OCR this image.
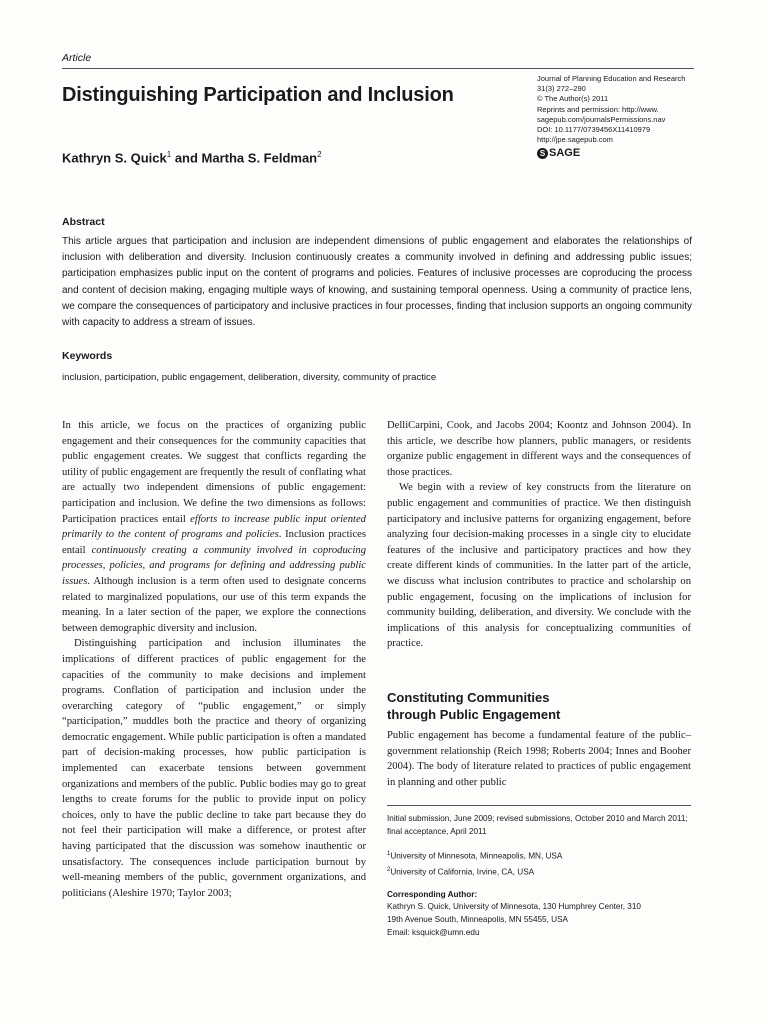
Article
Distinguishing Participation and Inclusion
Kathryn S. Quick$^1$ and Martha S. Feldman$^2$
Journal of Planning Education and Research
31(3) 272–290
© The Author(s) 2011
Reprints and permission: http://www.
sagepub.com/journalsPermissions.nav
DOI: 10.1177/0739456X11410979
http://jpe.sagepub.com
S SAGE
Abstract

This article argues that participation and inclusion are independent dimensions of public engagement and elaborates the relationships of inclusion with deliberation and diversity. Inclusion continuously creates a community involved in defining and addressing public issues; participation emphasizes public input on the content of programs and policies. Features of inclusive processes are coproducing the process and content of decision making, engaging multiple ways of knowing, and sustaining temporal openness. Using a community of practice lens, we compare the consequences of participatory and inclusive practices in four processes, finding that inclusion supports an ongoing community with capacity to address a stream of issues.

Keywords
inclusion, participation, public engagement, deliberation, diversity, community of practice

In this article, we focus on the practices of organizing public engagement and their consequences for the community capacities that public engagement creates. We suggest that conflicts regarding the utility of public engagement are frequently the result of conflating what are actually two independent dimensions of public engagement: participation and inclusion. We define the two dimensions as follows: Participation practices entail efforts to increase public input oriented primarily to the content of programs and policies. Inclusion practices entail continuously creating a community involved in coproducing processes, policies, and programs for defining and addressing public issues. Although inclusion is a term often used to designate concerns related to marginalized populations, our use of this term expands the meaning. In a later section of the paper, we explore the connections between demographic diversity and inclusion.

Distinguishing participation and inclusion illuminates the implications of different practices of public engagement for the capacities of the community to make decisions and implement programs. Conflation of participation and inclusion under the overarching category of “public engagement,” or simply “participation,” muddles both the practice and theory of organizing democratic engagement. While public participation is often a mandated part of decision-making processes, how public participation is implemented can exacerbate tensions between government organizations and members of the public. Public bodies may go to great lengths to create forums for the public to provide input on policy choices, only to have the public decline to take part because they do not feel their participation will make a difference, or protest after having participated that the discussion was somehow inauthentic or unsatisfactory. The consequences include participation burnout by well-meaning members of the public, government organizations, and politicians (Aleshire 1970; Taylor 2003;

DelliCarpini, Cook, and Jacobs 2004; Koontz and Johnson 2004). In this article, we describe how planners, public managers, or residents organize public engagement in different ways and the consequences of those practices.

We begin with a review of key constructs from the literature on public engagement and communities of practice. We then distinguish participatory and inclusive patterns for organizing engagement, before analyzing four decision-making processes in a single city to elucidate features of the inclusive and participatory practices and how they create different kinds of communities. In the latter part of the article, we discuss what inclusion contributes to practice and scholarship on public engagement, focusing on the implications of inclusion for community building, deliberation, and diversity. We conclude with the implications of this analysis for conceptualizing communities of practice.

Constituting Communities
through Public Engagement

Public engagement has become a fundamental feature of the public–government relationship (Reich 1998; Roberts 2004; Innes and Booher 2004). The body of literature related to practices of public engagement in planning and other public

Initial submission, June 2009; revised submissions, October 2010 and March 2011; final acceptance, April 2011

$^1$University of Minnesota, Minneapolis, MN, USA

$^2$University of California, Irvine, CA, USA

Corresponding Author:

Kathryn S. Quick, University of Minnesota, 130 Humphrey Center, 310

19th Avenue South, Minneapolis, MN 55455, USA

Email: ksquick@umn.edu
